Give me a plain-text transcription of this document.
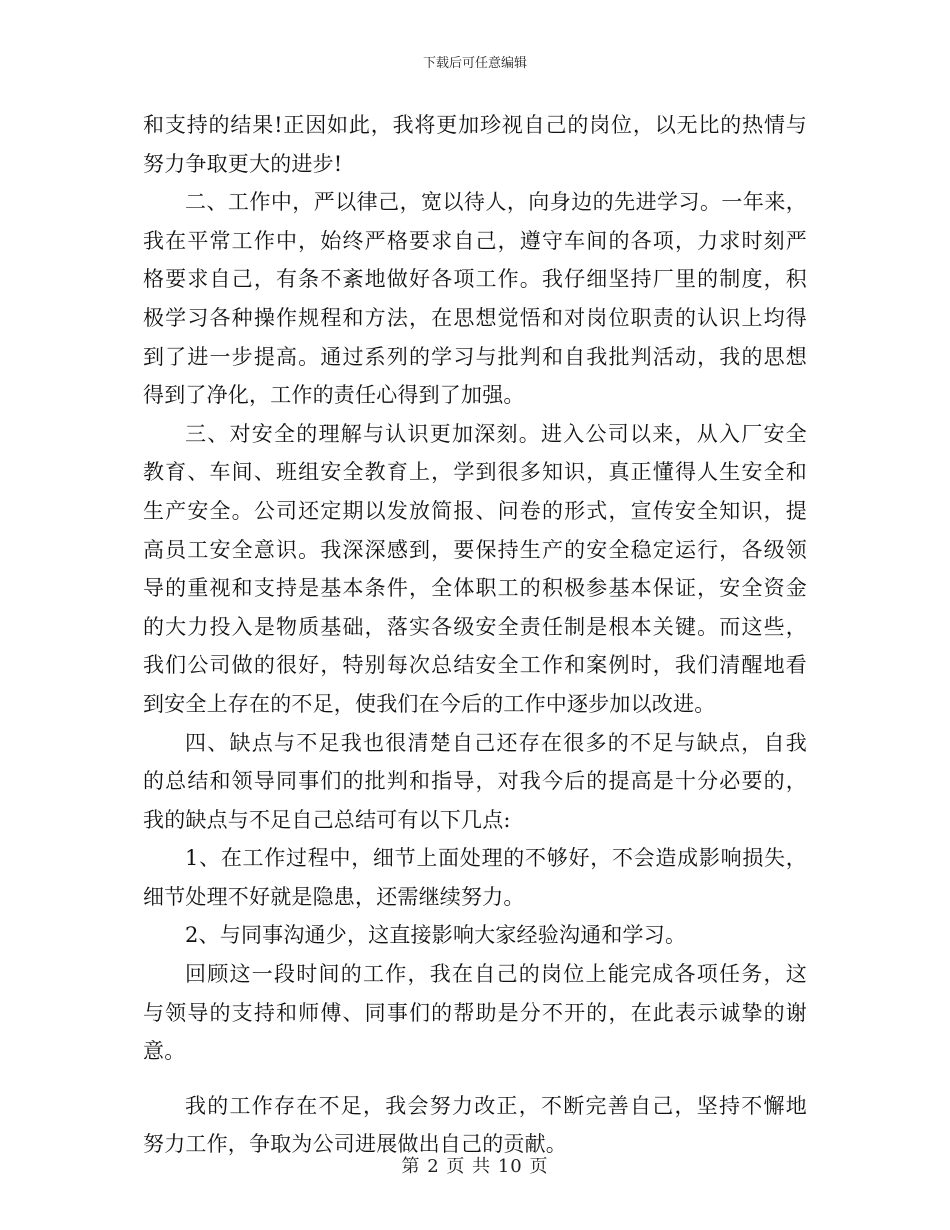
下载后可任意编辑
和支持的结果!正因如此，我将更加珍视自己的岗位，以无比的热情与
努力争取更大的进步!
二、工作中，严以律己，宽以待人，向身边的先进学习。一年来，
我在平常工作中，始终严格要求自己，遵守车间的各项，力求时刻严
格要求自己，有条不紊地做好各项工作。我仔细坚持厂里的制度，积
极学习各种操作规程和方法，在思想觉悟和对岗位职责的认识上均得
到了进一步提高。通过系列的学习与批判和自我批判活动，我的思想
得到了净化，工作的责任心得到了加强。
三、对安全的理解与认识更加深刻。进入公司以来，从入厂安全
教育、车间、班组安全教育上，学到很多知识，真正懂得人生安全和
生产安全。公司还定期以发放简报、问卷的形式，宣传安全知识，提
高员工安全意识。我深深感到，要保持生产的安全稳定运行，各级领
导的重视和支持是基本条件，全体职工的积极参基本保证，安全资金
的大力投入是物质基础，落实各级安全责任制是根本关键。而这些，
我们公司做的很好，特别每次总结安全工作和案例时，我们清醒地看
到安全上存在的不足，使我们在今后的工作中逐步加以改进。
四、缺点与不足我也很清楚自己还存在很多的不足与缺点，自我
的总结和领导同事们的批判和指导，对我今后的提高是十分必要的，
我的缺点与不足自己总结可有以下几点:
1、在工作过程中，细节上面处理的不够好，不会造成影响损失，
细节处理不好就是隐患，还需继续努力。
2、与同事沟通少，这直接影响大家经验沟通和学习。
回顾这一段时间的工作，我在自己的岗位上能完成各项任务，这
与领导的支持和师傅、同事们的帮助是分不开的，在此表示诚挚的谢
意。
我的工作存在不足，我会努力改正，不断完善自己，坚持不懈地
努力工作，争取为公司进展做出自己的贡献。
第 2 页 共 10 页
